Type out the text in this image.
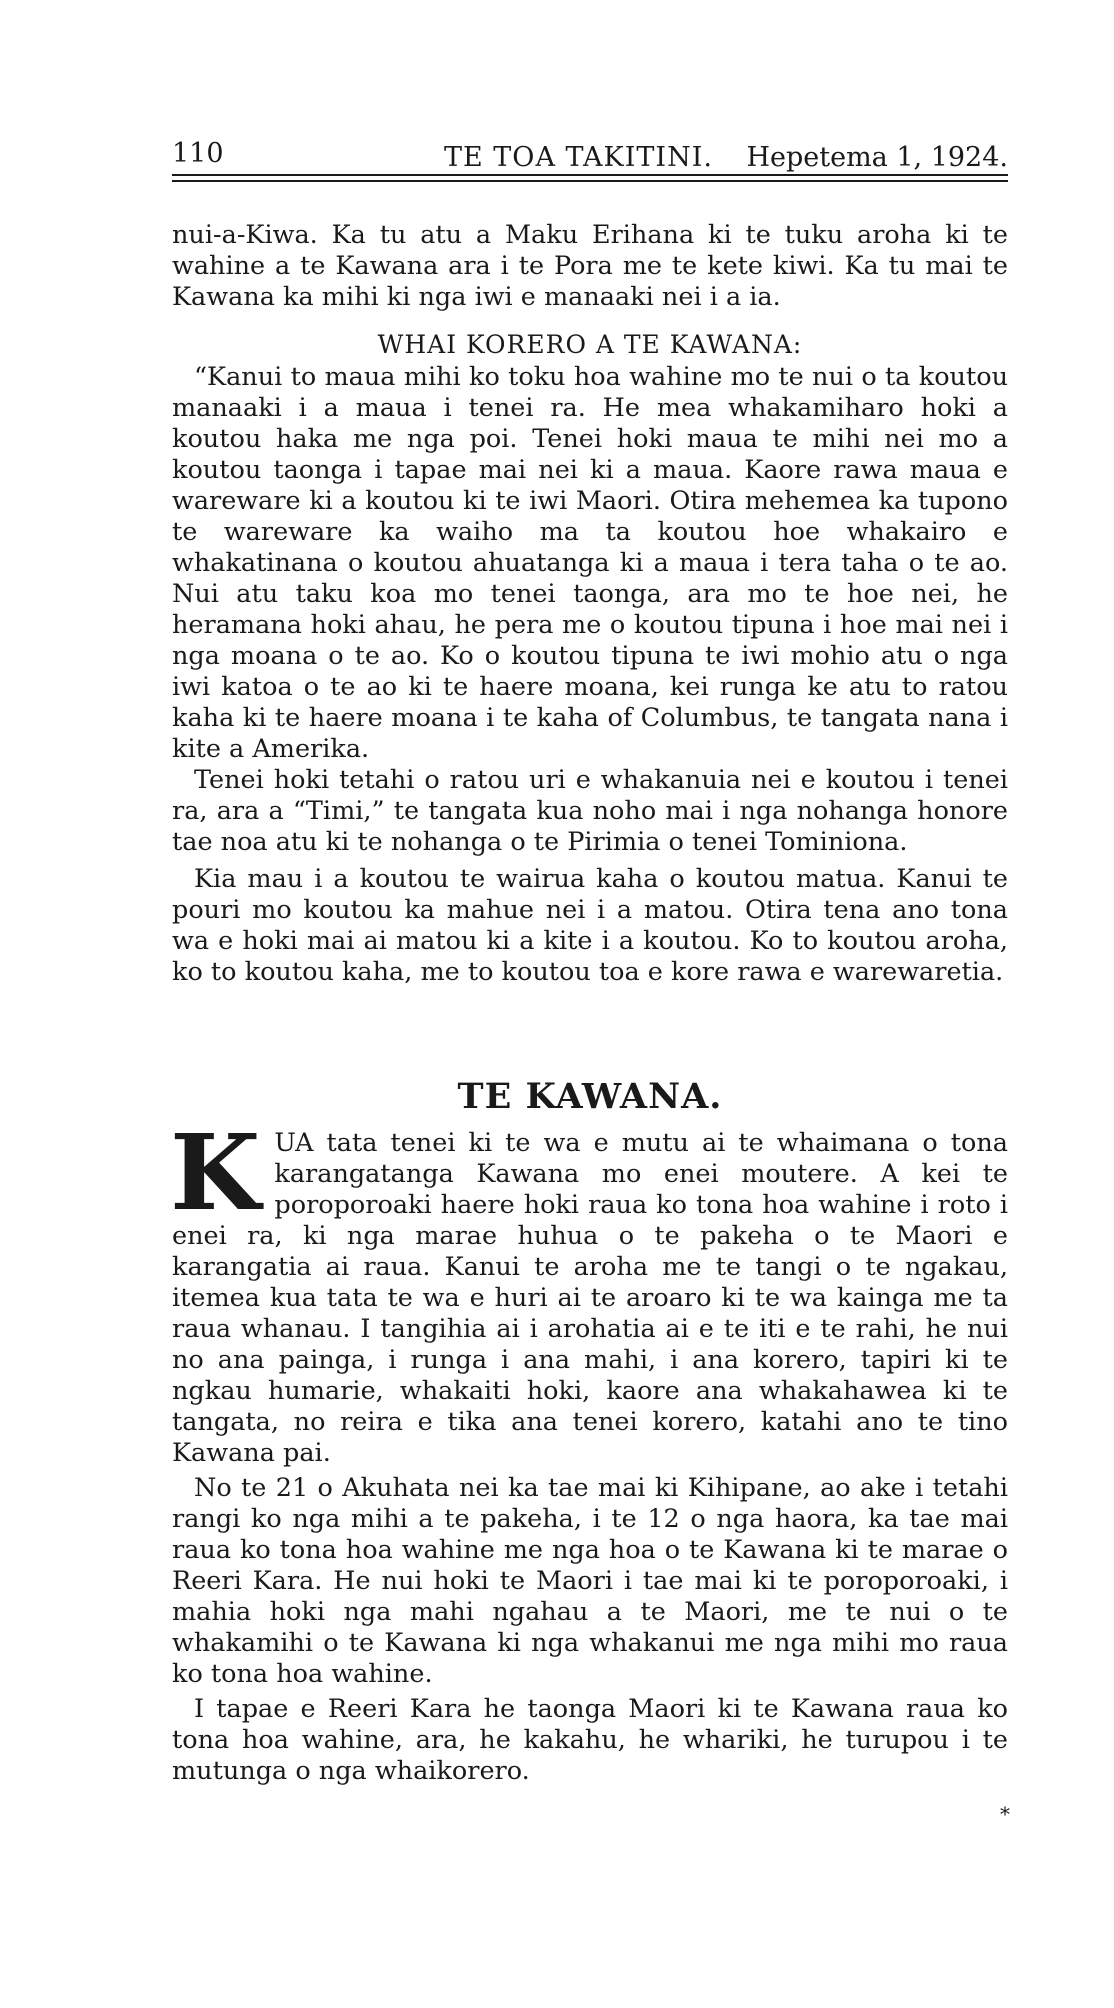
110	TE TOA TAKITINI. Hepetema 1, 1924.

nui-a-Kiwa. Ka tu atu a Maku Erihana ki te tuku aroha ki te wahine a te Kawana ara i te Pora me te kete kiwi. Ka tu mai te Kawana ka mihi ki nga iwi e manaaki nei i a ia.

WHAI KORERO A TE KAWANA:

“Kanui to maua mihi ko toku hoa wahine mo te nui o ta koutou manaaki i a maua i tenei ra. He mea whakamiharo hoki a koutou haka me nga poi. Tenei hoki maua te mihi nei mo a koutou taonga i tapae mai nei ki a maua. Kaore rawa maua e wareware ki a koutou ki te iwi Maori. Otira mehemea ka tupono te wareware ka waiho ma ta koutou hoe whakairo e whakatinana o koutou ahuatanga ki a maua i tera taha o te ao. Nui atu taku koa mo tenei taonga, ara mo te hoe nei, he heramana hoki ahau, he pera me o koutou tipuna i hoe mai nei i nga moana o te ao. Ko o koutou tipuna te iwi mohio atu o nga iwi katoa o te ao ki te haere moana, kei runga ke atu to ratou kaha ki te haere moana i te kaha of Columbus, te tangata nana i kite a Amerika.

Tenei hoki tetahi o ratou uri e whakanuia nei e koutou i tenei ra, ara a “Timi,” te tangata kua noho mai i nga nohanga honore tae noa atu ki te nohanga o te Pirimia o tenei Tominiona.

Kia mau i a koutou te wairua kaha o koutou matua. Kanui te pouri mo koutou ka mahue nei i a matou. Otira tena ano tona wa e hoki mai ai matou ki a kite i a koutou. Ko to koutou aroha, ko to koutou kaha, me to koutou toa e kore rawa e warewaretia.

TE KAWANA.

KUA tata tenei ki te wa e mutu ai te whaimana o tona karangatanga Kawana mo enei moutere. A kei te poroporoaki haere hoki raua ko tona hoa wahine i roto i enei ra, ki nga marae huhua o te pakeha o te Maori e karangatia ai raua. Kanui te aroha me te tangi o te ngakau, itemea kua tata te wa e huri ai te aroaro ki te wa kainga me ta raua whanau. I tangihia ai i arohatia ai e te iti e te rahi, he nui no ana painga, i runga i ana mahi, i ana korero, tapiri ki te ngkau humarie, whakaiti hoki, kaore ana whakahawea ki te tangata, no reira e tika ana tenei korero, katahi ano te tino Kawana pai.

No te 21 o Akuhata nei ka tae mai ki Kihipane, ao ake i tetahi rangi ko nga mihi a te pakeha, i te 12 o nga haora, ka tae mai raua ko tona hoa wahine me nga hoa o te Kawana ki te marae o Reeri Kara. He nui hoki te Maori i tae mai ki te poroporoaki, i mahia hoki nga mahi ngahau a te Maori, me te nui o te whakamihi o te Kawana ki nga whakanui me nga mihi mo raua ko tona hoa wahine.

I tapae e Reeri Kara he taonga Maori ki te Kawana raua ko tona hoa wahine, ara, he kakahu, he whariki, he turupou i te mutunga o nga whaikorero.

*
